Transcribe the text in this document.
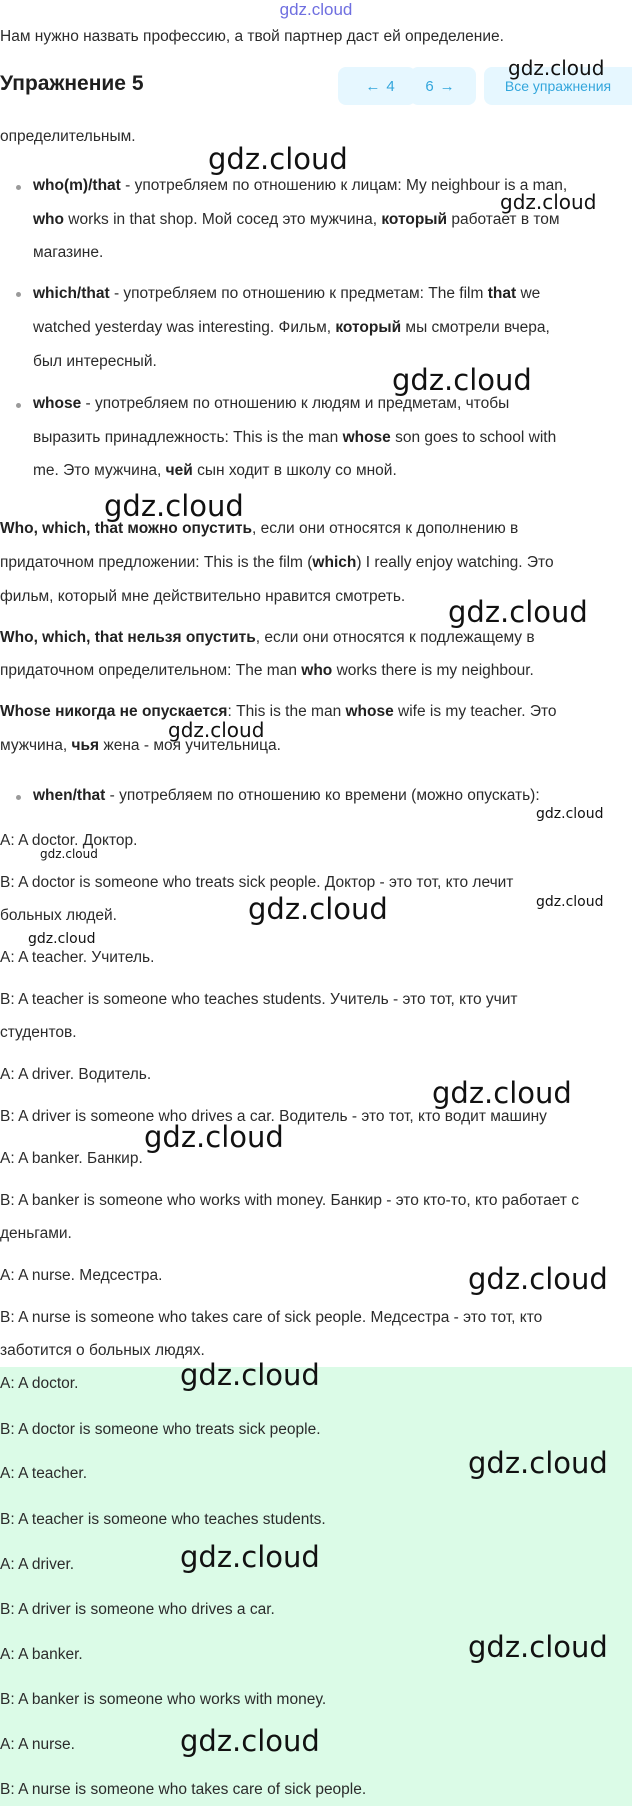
gdz.cloud
Нам нужно назвать профессию, а твой партнер даст ей определение.
Упражнение 5	← 4 6 →	Все упражнения
определительным.
who(m)/that - употребляем по отношению к лицам: My neighbour is a man,
who works in that shop. Мой сосед это мужчина, который работает в том
магазине.
which/that - употребляем по отношению к предметам: The film that we
watched yesterday was interesting. Фильм, который мы смотрели вчера,
был интересный.
whose - употребляем по отношению к людям и предметам, чтобы
выразить принадлежность: This is the man whose son goes to school with
me. Это мужчина, чей сын ходит в школу со мной.
Who, which, that можно опустить, если они относятся к дополнению в
придаточном предложении: This is the film (which) I really enjoy watching. Это
фильм, который мне действительно нравится смотреть.
Who, which, that нельзя опустить, если они относятся к подлежащему в
придаточном определительном: The man who works there is my neighbour.
Whose никогда не опускается: This is the man whose wife is my teacher. Это
мужчина, чья жена - моя учительница.
when/that - употребляем по отношению ко времени (можно опускать):
A: A doctor. Доктор.
B: A doctor is someone who treats sick people. Доктор - это тот, кто лечит
больных людей.
A: A teacher. Учитель.
B: A teacher is someone who teaches students. Учитель - это тот, кто учит
студентов.
A: A driver. Водитель.
B: A driver is someone who drives a car. Водитель - это тот, кто водит машину
A: A banker. Банкир.
B: A banker is someone who works with money. Банкир - это кто-то, кто работает с
деньгами.
A: A nurse. Медсестра.
B: A nurse is someone who takes care of sick people. Медсестра - это тот, кто
заботится о больных людях.
A: A doctor.
B: A doctor is someone who treats sick people.
A: A teacher.
B: A teacher is someone who teaches students.
A: A driver.
B: A driver is someone who drives a car.
A: A banker.
B: A banker is someone who works with money.
A: A nurse.
B: A nurse is someone who takes care of sick people.
gdz.cloud
gdz.cloud
gdz.cloud
gdz.cloud
gdz.cloud
gdz.cloud
gdz.cloud
gdz.cloud
gdz.cloud
gdz.cloud
gdz.cloud
gdz.cloud
gdz.cloud
gdz.cloud
gdz.cloud
gdz.cloud
gdz.cloud
gdz.cloud
gdz.cloud
gdz.cloud
